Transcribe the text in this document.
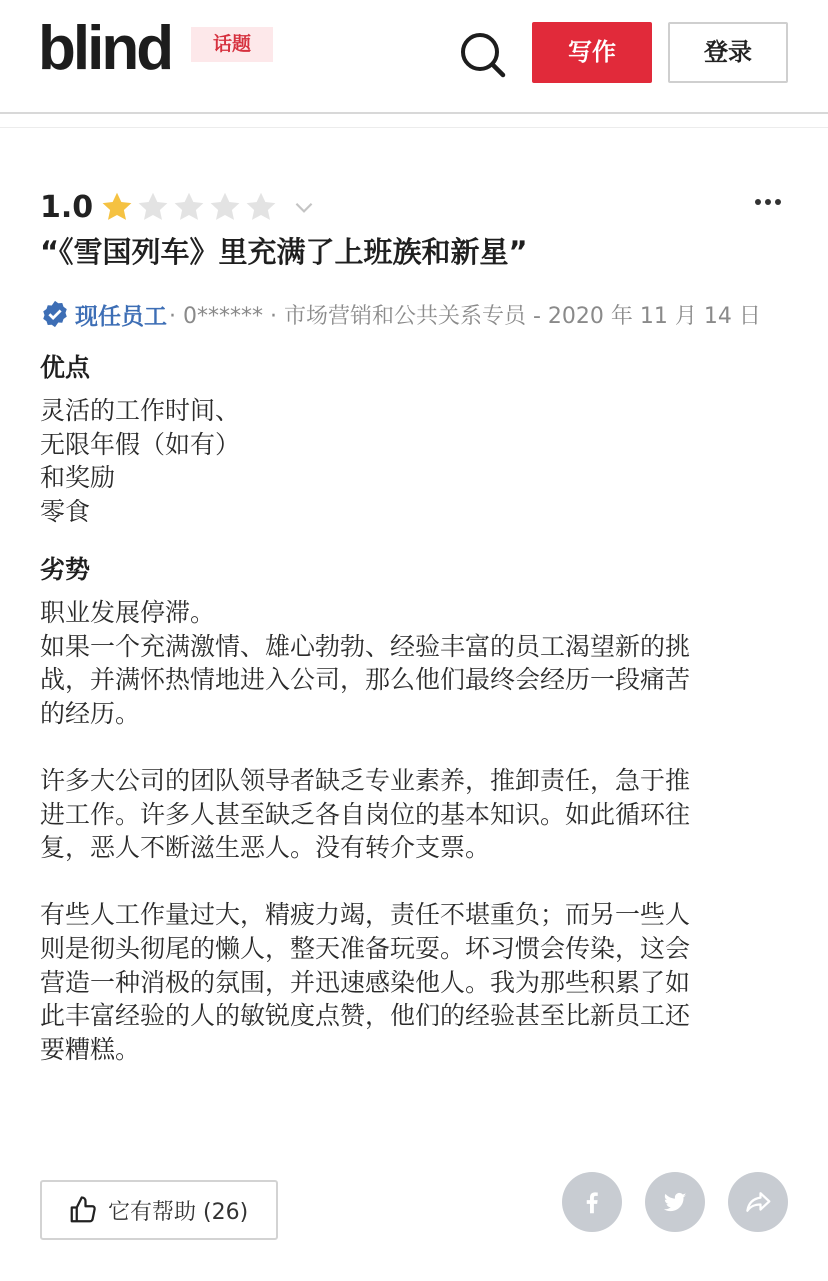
blind	话题	写作	登录
1.0
“《雪国列车》里充满了上班族和新星”
现任员工 · 0****** · 市场营销和公共关系专员 - 2020 年 11 月 14 日
优点
灵活的工作时间、
无限年假（如有）
和奖励
零食
劣势
职业发展停滞。
如果一个充满激情、雄心勃勃、经验丰富的员工渴望新的挑
战，并满怀热情地进入公司，那么他们最终会经历一段痛苦
的经历。

许多大公司的团队领导者缺乏专业素养，推卸责任，急于推
进工作。许多人甚至缺乏各自岗位的基本知识。如此循环往
复，恶人不断滋生恶人。没有转介支票。

有些人工作量过大，精疲力竭，责任不堪重负；而另一些人
则是彻头彻尾的懒人，整天准备玩耍。坏习惯会传染，这会
营造一种消极的氛围，并迅速感染他人。我为那些积累了如
此丰富经验的人的敏锐度点赞，他们的经验甚至比新员工还
要糟糕。
它有帮助 (26)
